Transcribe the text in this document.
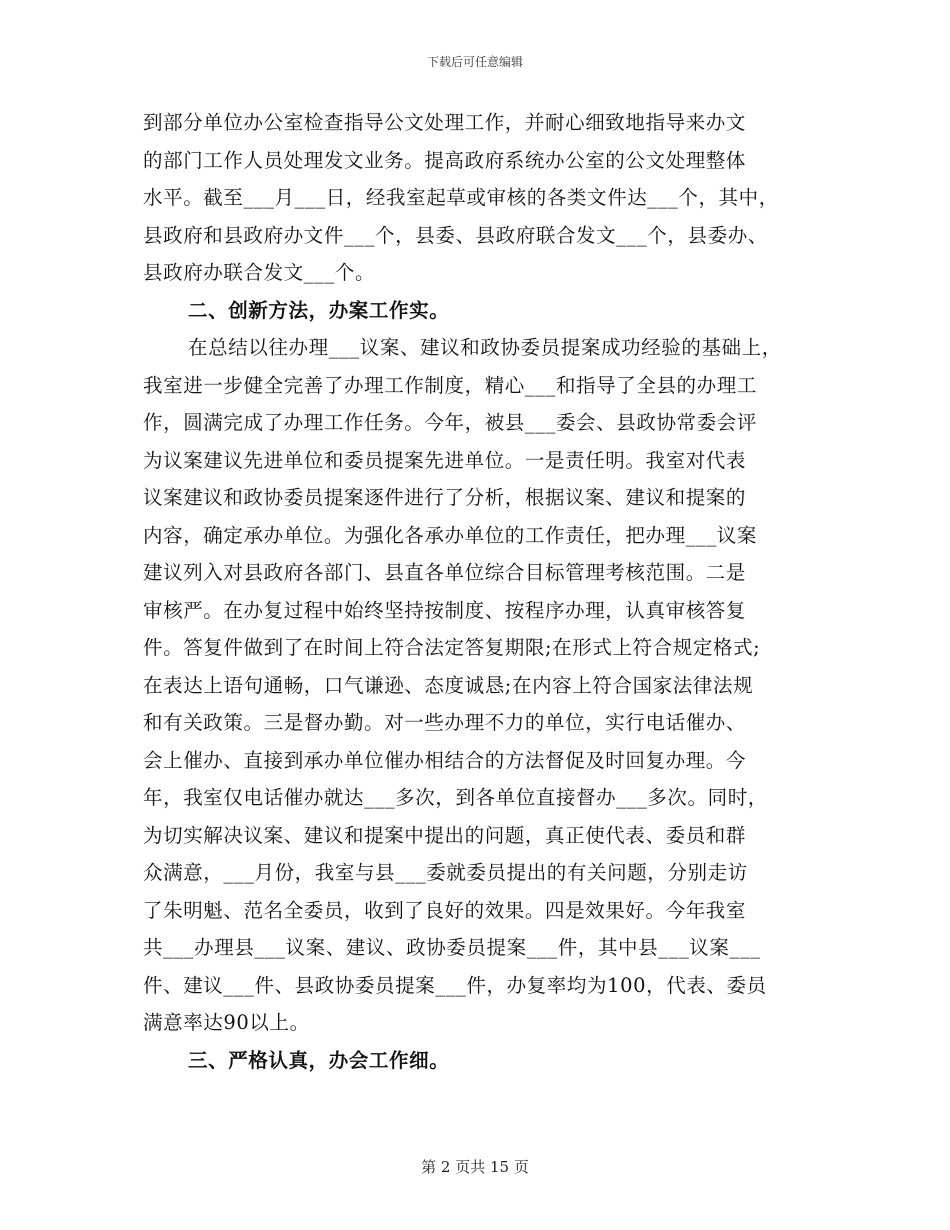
下载后可任意编辑
到部分单位办公室检查指导公文处理工作，并耐心细致地指导来办文
的部门工作人员处理发文业务。提高政府系统办公室的公文处理整体
水平。截至___月___日，经我室起草或审核的各类文件达___个，其中，
县政府和县政府办文件___个，县委、县政府联合发文___个，县委办、
县政府办联合发文___个。
二、创新方法，办案工作实。
在总结以往办理___议案、建议和政协委员提案成功经验的基础上，
我室进一步健全完善了办理工作制度，精心___和指导了全县的办理工
作，圆满完成了办理工作任务。今年，被县___委会、县政协常委会评
为议案建议先进单位和委员提案先进单位。一是责任明。我室对代表
议案建议和政协委员提案逐件进行了分析，根据议案、建议和提案的
内容，确定承办单位。为强化各承办单位的工作责任，把办理___议案
建议列入对县政府各部门、县直各单位综合目标管理考核范围。二是
审核严。在办复过程中始终坚持按制度、按程序办理，认真审核答复
件。答复件做到了在时间上符合法定答复期限;在形式上符合规定格式;
在表达上语句通畅，口气谦逊、态度诚恳;在内容上符合国家法律法规
和有关政策。三是督办勤。对一些办理不力的单位，实行电话催办、
会上催办、直接到承办单位催办相结合的方法督促及时回复办理。今
年，我室仅电话催办就达___多次，到各单位直接督办___多次。同时，
为切实解决议案、建议和提案中提出的问题，真正使代表、委员和群
众满意，___月份，我室与县___委就委员提出的有关问题，分别走访
了朱明魁、范名全委员，收到了良好的效果。四是效果好。今年我室
共___办理县___议案、建议、政协委员提案___件，其中县___议案___
件、建议___件、县政协委员提案___件，办复率均为100，代表、委员
满意率达90以上。
三、严格认真，办会工作细。
第 2 页共 15 页
